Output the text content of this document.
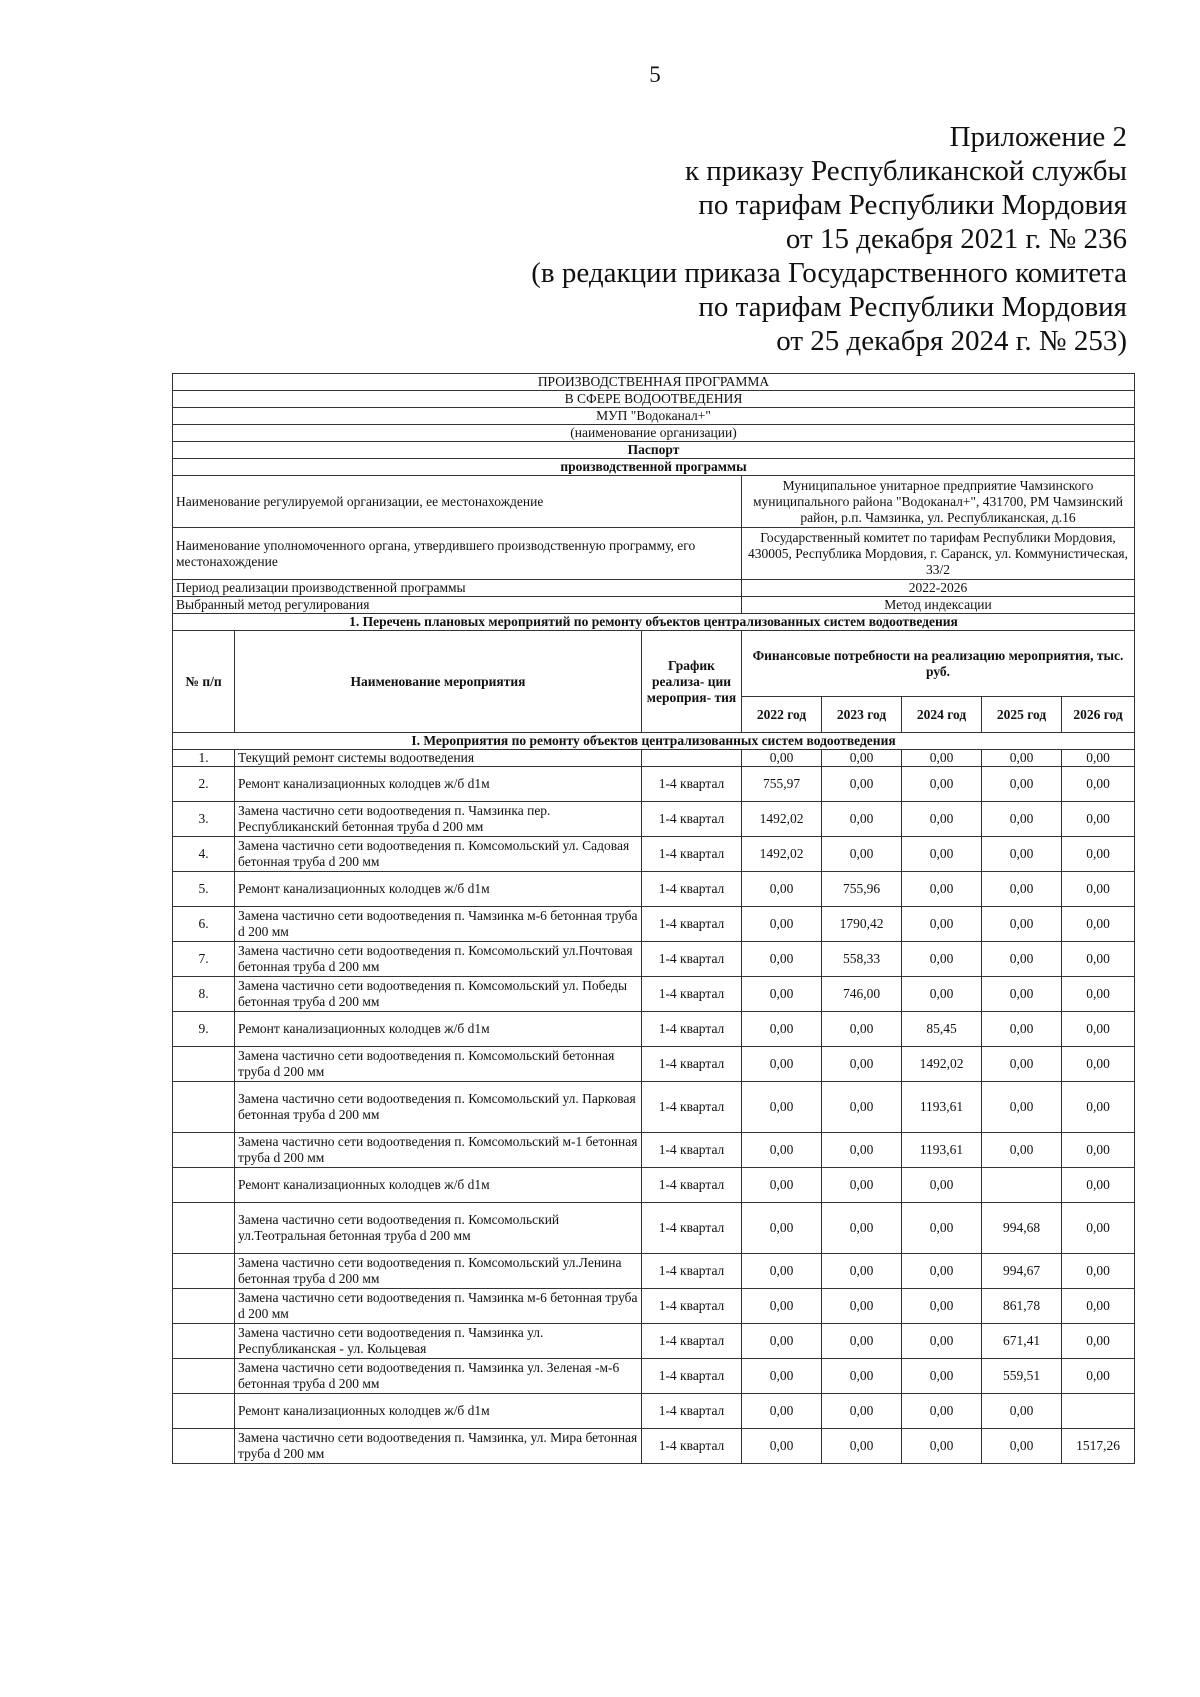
5
Приложение 2
к приказу Республиканской службы
по тарифам Республики Мордовия
от 15 декабря 2021 г. № 236
(в редакции приказа Государственного комитета
по тарифам Республики Мордовия
от 25 декабря 2024 г. № 253)
ПРОИЗВОДСТВЕННАЯ ПРОГРАММА							
В СФЕРЕ ВОДООТВЕДЕНИЯ							
МУП "Водоканал+"							
(наименование организации)							
Паспорт							
производственной программы							
Наименование регулируемой организации, ее местонахождение			Муниципальное унитарное предприятие Чамзинского муниципального района "Водоканал+", 431700, РМ Чамзинский район, р.п. Чамзинка, ул. Республиканская, д.16				
Наименование уполномоченного органа, утвердившего производственную программу, его местонахождение			Государственный комитет по тарифам Республики Мордовия, 430005, Республика Мордовия, г. Саранск, ул. Коммунистическая, 33/2				
Период реализации производственной программы			2022-2026				
Выбранный метод регулирования			Метод индексации				
1. Перечень плановых мероприятий по ремонту объектов централизованных систем водоотведения							
№ п/п	Наименование мероприятия	График реализа- ции мероприя- тия	Финансовые потребности на реализацию мероприятия, тыс. руб.				
			2022 год	2023 год	2024 год	2025 год	2026 год
I. Мероприятия по ремонту объектов централизованных систем водоотведения							
1.	Текущий ремонт системы водоотведения		0,00	0,00	0,00	0,00	0,00
2.	Ремонт канализационных колодцев ж/б d1м	1-4 квартал	755,97	0,00	0,00	0,00	0,00
3.	Замена частично сети водоотведения п. Чамзинка пер. Республиканский бетонная труба d 200 мм	1-4 квартал	1492,02	0,00	0,00	0,00	0,00
4.	Замена частично сети водоотведения п. Комсомольский ул. Садовая бетонная труба d 200 мм	1-4 квартал	1492,02	0,00	0,00	0,00	0,00
5.	Ремонт канализационных колодцев ж/б d1м	1-4 квартал	0,00	755,96	0,00	0,00	0,00
6.	Замена частично сети водоотведения п. Чамзинка м-6 бетонная труба d 200 мм	1-4 квартал	0,00	1790,42	0,00	0,00	0,00
7.	Замена частично сети водоотведения п. Комсомольский ул.Почтовая бетонная труба d 200 мм	1-4 квартал	0,00	558,33	0,00	0,00	0,00
8.	Замена частично сети водоотведения п. Комсомольский ул. Победы бетонная труба d 200 мм	1-4 квартал	0,00	746,00	0,00	0,00	0,00
9.	Ремонт канализационных колодцев ж/б d1м	1-4 квартал	0,00	0,00	85,45	0,00	0,00
	Замена частично сети водоотведения п. Комсомольский бетонная труба d 200 мм	1-4 квартал	0,00	0,00	1492,02	0,00	0,00
	Замена частично сети водоотведения п. Комсомольский ул. Парковая бетонная труба d 200 мм	1-4 квартал	0,00	0,00	1193,61	0,00	0,00
	Замена частично сети водоотведения п. Комсомольский м-1 бетонная труба d 200 мм	1-4 квартал	0,00	0,00	1193,61	0,00	0,00
	Ремонт канализационных колодцев ж/б d1м	1-4 квартал	0,00	0,00	0,00		0,00
	Замена частично сети водоотведения п. Комсомольский ул.Теотральная бетонная труба d 200 мм	1-4 квартал	0,00	0,00	0,00	994,68	0,00
	Замена частично сети водоотведения п. Комсомольский ул.Ленина бетонная труба d 200 мм	1-4 квартал	0,00	0,00	0,00	994,67	0,00
	Замена частично сети водоотведения п. Чамзинка м-6 бетонная труба d 200 мм	1-4 квартал	0,00	0,00	0,00	861,78	0,00
	Замена частично сети водоотведения п. Чамзинка ул. Республиканская - ул. Кольцевая	1-4 квартал	0,00	0,00	0,00	671,41	0,00
	Замена частично сети водоотведения п. Чамзинка ул. Зеленая -м-6 бетонная труба d 200 мм	1-4 квартал	0,00	0,00	0,00	559,51	0,00
	Ремонт канализационных колодцев ж/б d1м	1-4 квартал	0,00	0,00	0,00	0,00	
	Замена частично сети водоотведения п. Чамзинка, ул. Мира бетонная труба d 200 мм	1-4 квартал	0,00	0,00	0,00	0,00	1517,26
